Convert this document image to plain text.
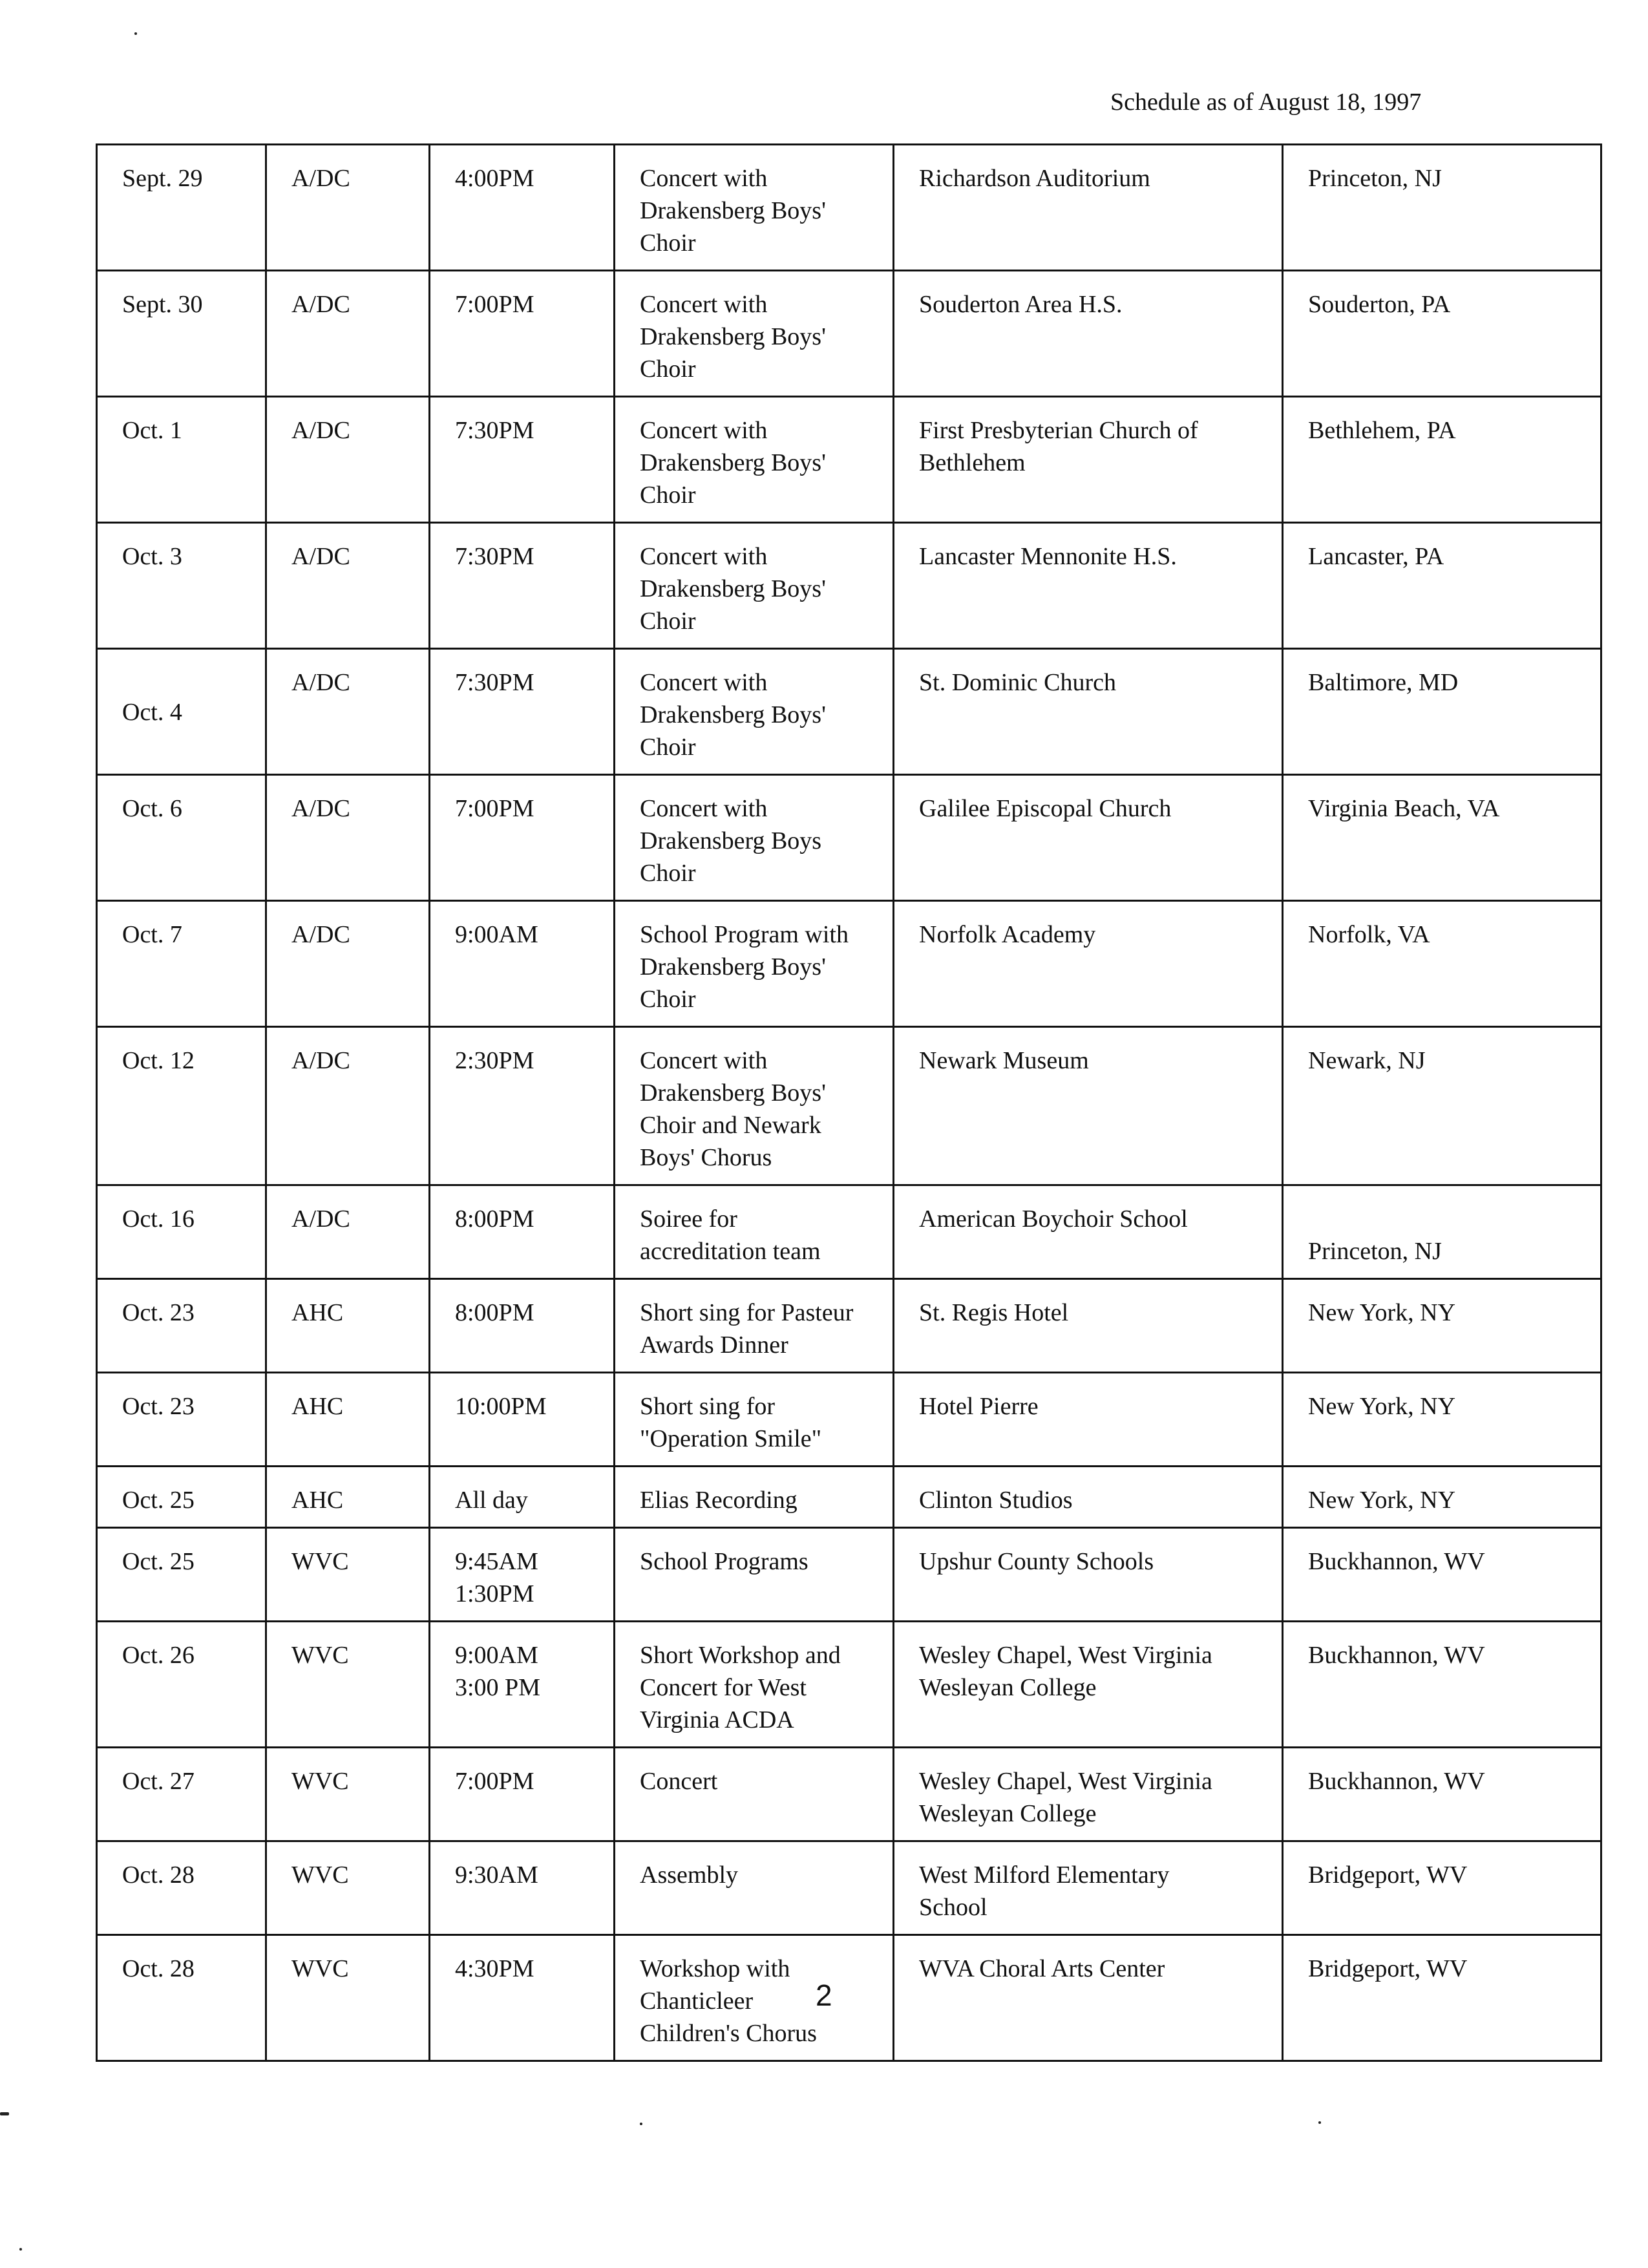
Schedule as of August 18, 1997
Sept. 29	A/DC	4:00PM	Concert with
Drakensberg Boys'
Choir	Richardson Auditorium	Princeton, NJ
Sept. 30	A/DC	7:00PM	Concert with
Drakensberg Boys'
Choir	Souderton Area H.S.	Souderton, PA
Oct. 1	A/DC	7:30PM	Concert with
Drakensberg Boys'
Choir	First Presbyterian Church of
Bethlehem	Bethlehem, PA
Oct. 3	A/DC	7:30PM	Concert with
Drakensberg Boys'
Choir	Lancaster Mennonite H.S.	Lancaster, PA
Oct. 4	A/DC	7:30PM	Concert with
Drakensberg Boys'
Choir	St. Dominic Church	Baltimore, MD
Oct. 6	A/DC	7:00PM	Concert with
Drakensberg Boys
Choir	Galilee Episcopal Church	Virginia Beach, VA
Oct. 7	A/DC	9:00AM	School Program with
Drakensberg Boys'
Choir	Norfolk Academy	Norfolk, VA
Oct. 12	A/DC	2:30PM	Concert with
Drakensberg Boys'
Choir and Newark
Boys' Chorus	Newark Museum	Newark, NJ
Oct. 16	A/DC	8:00PM	Soiree for
accreditation team	American Boychoir School	Princeton, NJ
Oct. 23	AHC	8:00PM	Short sing for Pasteur
Awards Dinner	St. Regis Hotel	New York, NY
Oct. 23	AHC	10:00PM	Short sing for
"Operation Smile"	Hotel Pierre	New York, NY
Oct. 25	AHC	All day	Elias Recording	Clinton Studios	New York, NY
Oct. 25	WVC	9:45AM
1:30PM	School Programs	Upshur County Schools	Buckhannon, WV
Oct. 26	WVC	9:00AM
3:00 PM	Short Workshop and
Concert for West
Virginia ACDA	Wesley Chapel, West Virginia
Wesleyan College	Buckhannon, WV
Oct. 27	WVC	7:00PM	Concert	Wesley Chapel, West Virginia
Wesleyan College	Buckhannon, WV
Oct. 28	WVC	9:30AM	Assembly	West Milford Elementary
School	Bridgeport, WV
Oct. 28	WVC	4:30PM	Workshop with
Chanticleer
Children's Chorus	WVA Choral Arts Center	Bridgeport, WV
2
